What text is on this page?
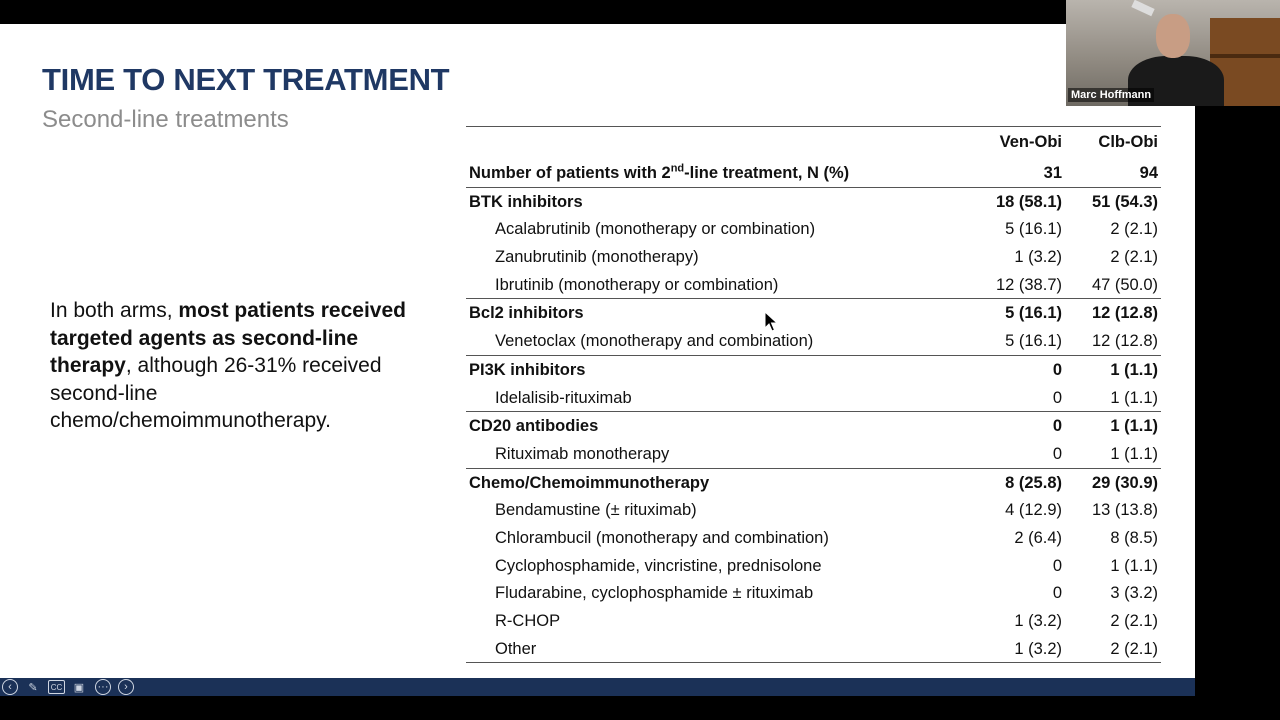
TIME TO NEXT TREATMENT
Second-line treatments
In both arms, most patients received targeted agents as second-line therapy, although 26-31% received second-line chemo/chemoimmunotherapy.
Ven-Obi Clb-Obi
Number of patients with 2nd-line treatment, N (%)	31	94
BTK inhibitors	18 (58.1) 51 (54.3)
Acalabrutinib (monotherapy or combination)	5 (16.1)	2 (2.1)
Zanubrutinib (monotherapy)	1 (3.2)	2 (2.1)
Ibrutinib (monotherapy or combination)	12 (38.7) 47 (50.0)
Bcl2 inhibitors	5 (16.1) 12 (12.8)
Venetoclax (monotherapy and combination)	5 (16.1) 12 (12.8)
PI3K inhibitors	0	1 (1.1)
Idelalisib-rituximab	0	1 (1.1)
CD20 antibodies	0	1 (1.1)
Rituximab monotherapy	0	1 (1.1)
Chemo/Chemoimmunotherapy	8 (25.8) 29 (30.9)
Bendamustine (± rituximab)	4 (12.9) 13 (13.8)
Chlorambucil (monotherapy and combination)	2 (6.4)	8 (8.5)
Cyclophosphamide, vincristine, prednisolone	0	1 (1.1)
Fludarabine, cyclophosphamide ± rituximab	0	3 (3.2)
R-CHOP	1 (3.2)	2 (2.1)
Other	1 (3.2)	2 (2.1)
‹	✎	CC ▣ ···	›
Marc Hoffmann
